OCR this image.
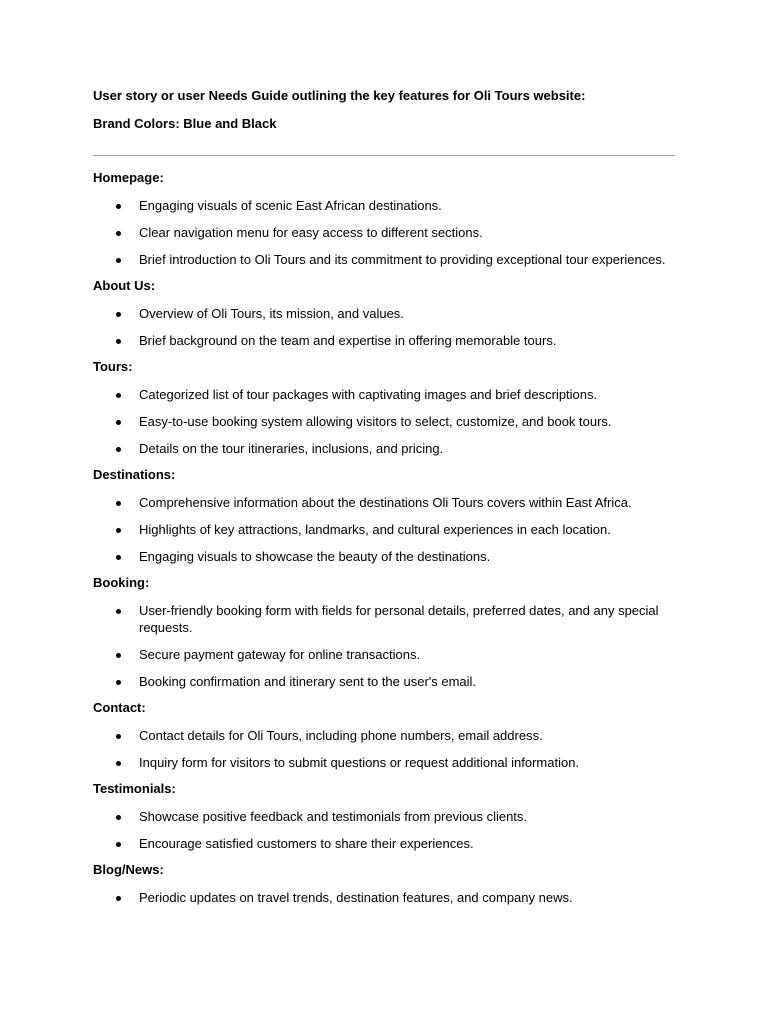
User story or user Needs Guide outlining the key features for Oli Tours website:

Brand Colors: Blue and Black

Homepage:

Engaging visuals of scenic East African destinations.
Clear navigation menu for easy access to different sections.
Brief introduction to Oli Tours and its commitment to providing exceptional tour experiences.

About Us:

Overview of Oli Tours, its mission, and values.
Brief background on the team and expertise in offering memorable tours.

Tours:

Categorized list of tour packages with captivating images and brief descriptions.
Easy-to-use booking system allowing visitors to select, customize, and book tours.
Details on the tour itineraries, inclusions, and pricing.

Destinations:

Comprehensive information about the destinations Oli Tours covers within East Africa.
Highlights of key attractions, landmarks, and cultural experiences in each location.
Engaging visuals to showcase the beauty of the destinations.

Booking:

User-friendly booking form with fields for personal details, preferred dates, and any special requests.
Secure payment gateway for online transactions.
Booking confirmation and itinerary sent to the user's email.

Contact:

Contact details for Oli Tours, including phone numbers, email address.
Inquiry form for visitors to submit questions or request additional information.

Testimonials:

Showcase positive feedback and testimonials from previous clients.
Encourage satisfied customers to share their experiences.

Blog/News:

Periodic updates on travel trends, destination features, and company news.
